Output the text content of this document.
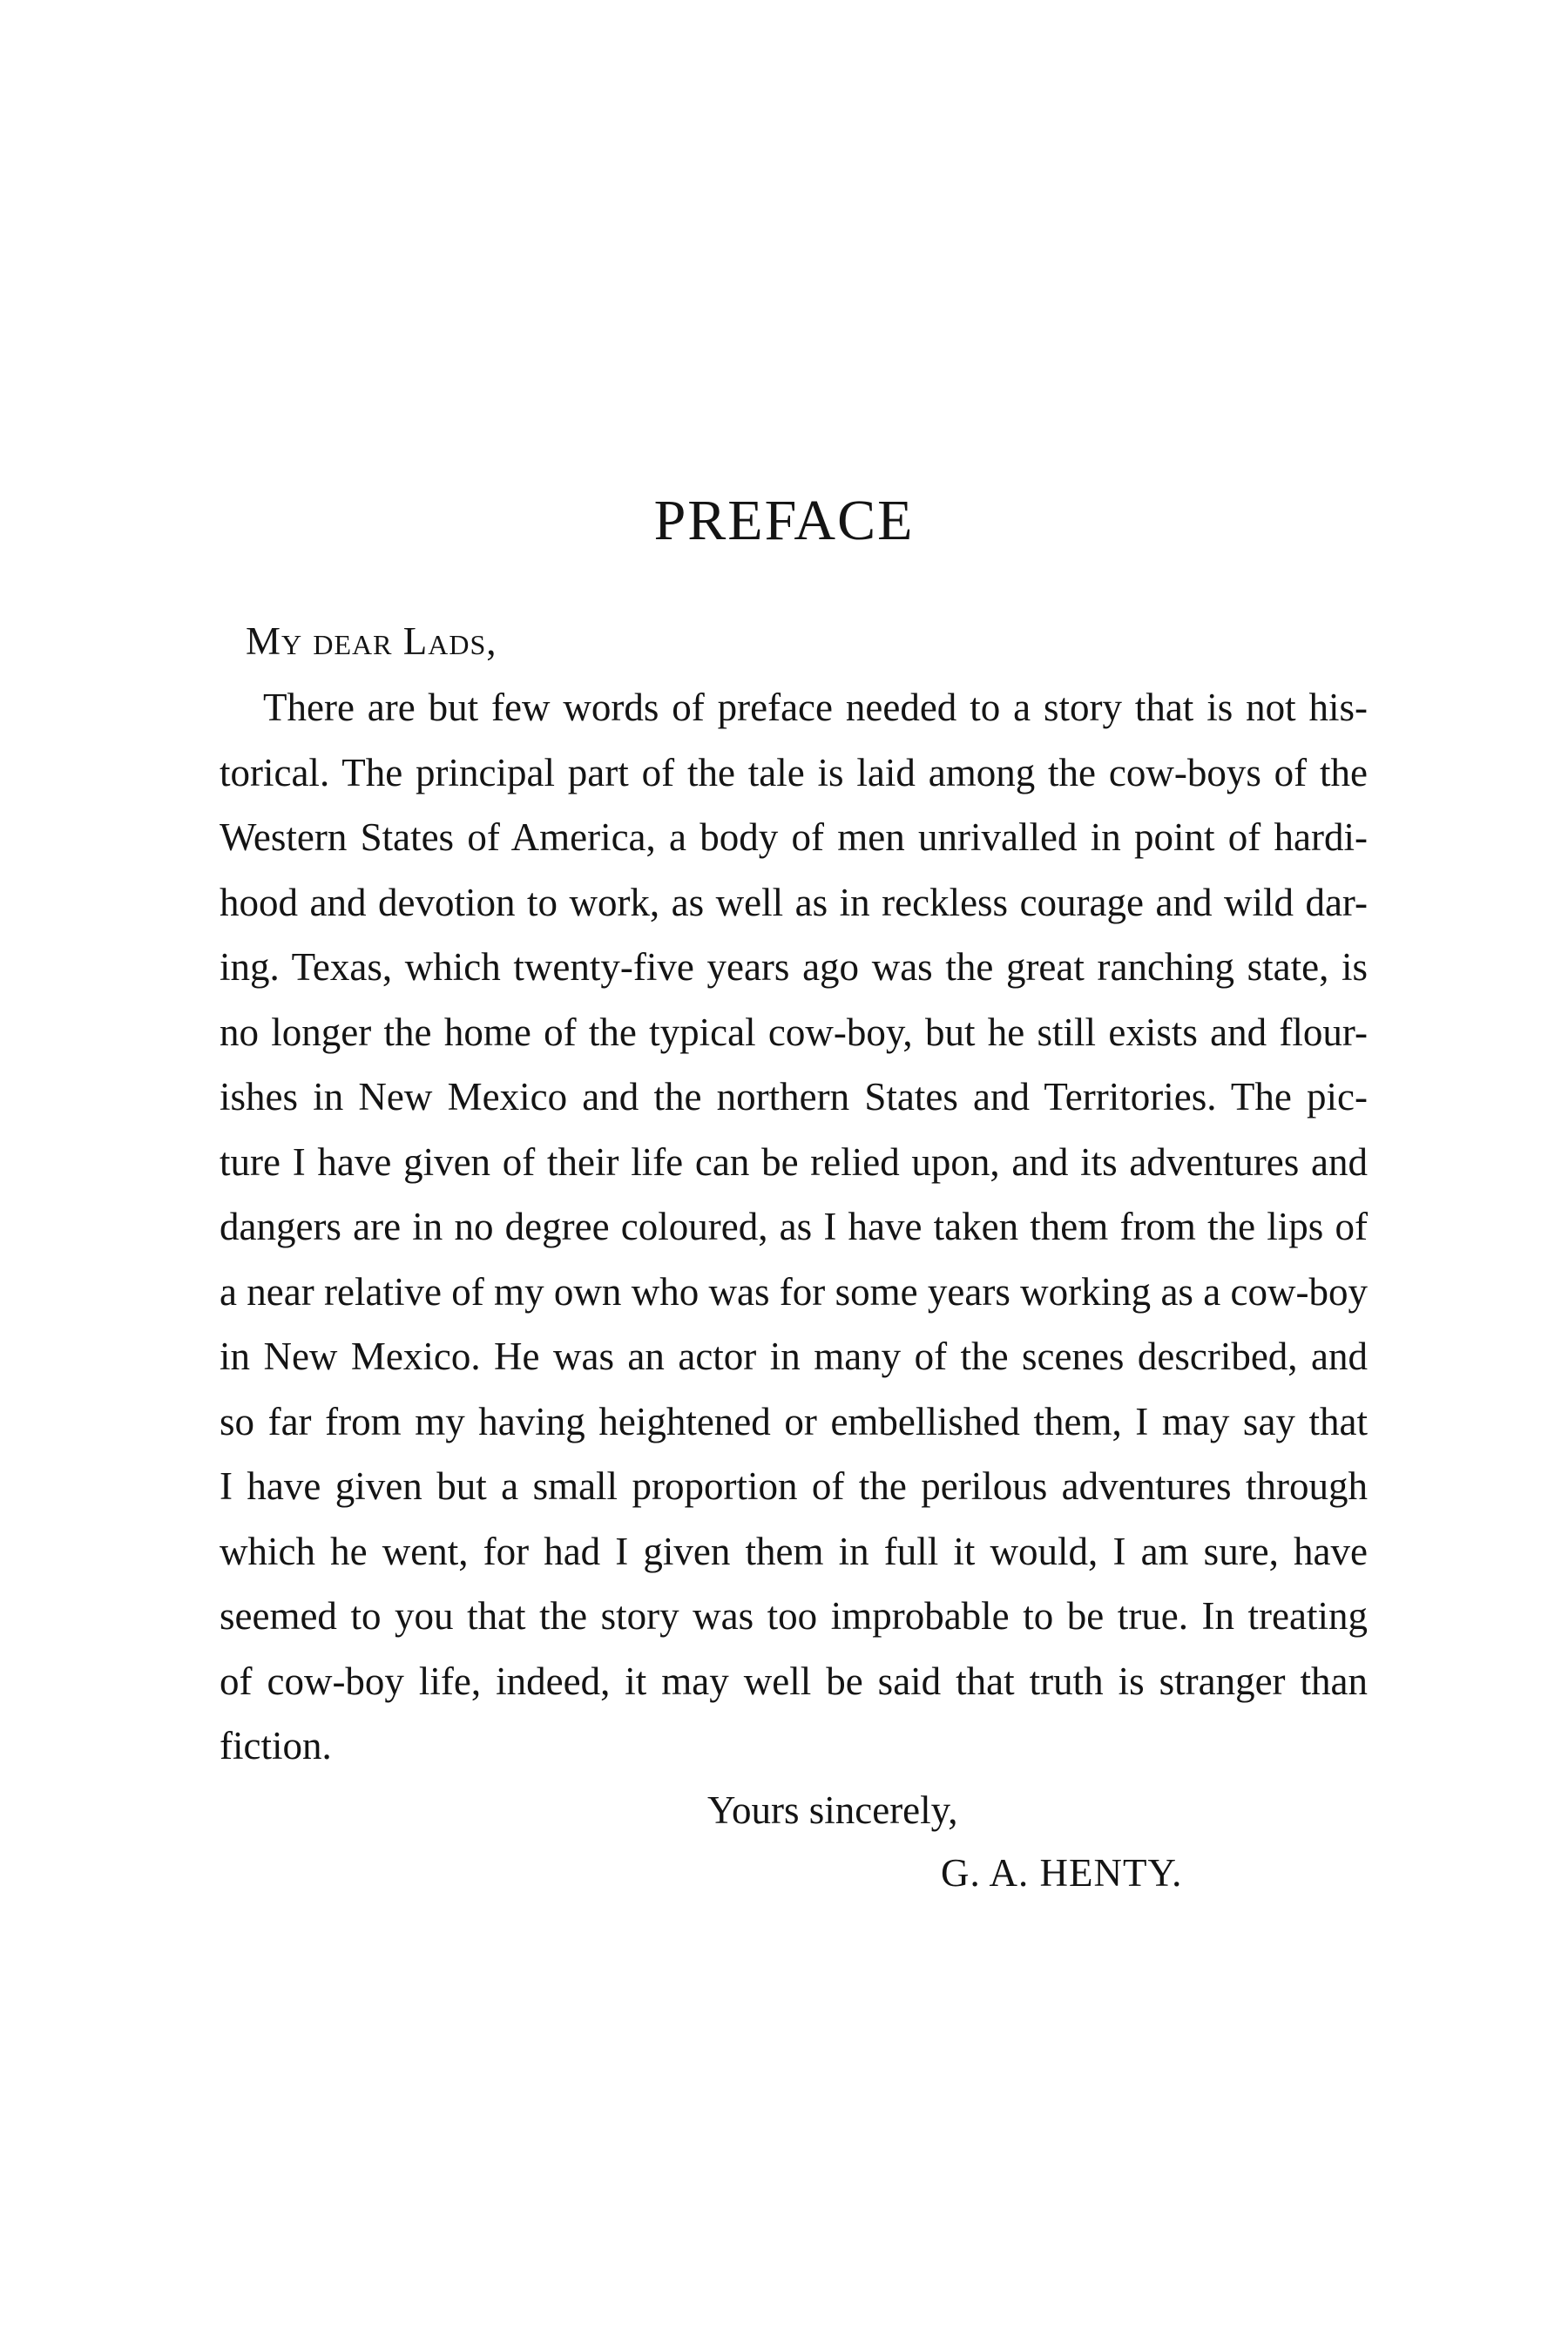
PREFACE

My dear Lads,

There are but few words of preface needed to a story that is not his-
torical. The principal part of the tale is laid among the cow-boys of the
Western States of America, a body of men unrivalled in point of hardi-
hood and devotion to work, as well as in reckless courage and wild dar-
ing. Texas, which twenty-five years ago was the great ranching state, is
no longer the home of the typical cow-boy, but he still exists and flour-
ishes in New Mexico and the northern States and Territories. The pic-
ture I have given of their life can be relied upon, and its adventures and
dangers are in no degree coloured, as I have taken them from the lips of
a near relative of my own who was for some years working as a cow-boy
in New Mexico. He was an actor in many of the scenes described, and
so far from my having heightened or embellished them, I may say that
I have given but a small proportion of the perilous adventures through
which he went, for had I given them in full it would, I am sure, have
seemed to you that the story was too improbable to be true. In treating
of cow-boy life, indeed, it may well be said that truth is stranger than
fiction.

Yours sincerely,

G. A. HENTY.
